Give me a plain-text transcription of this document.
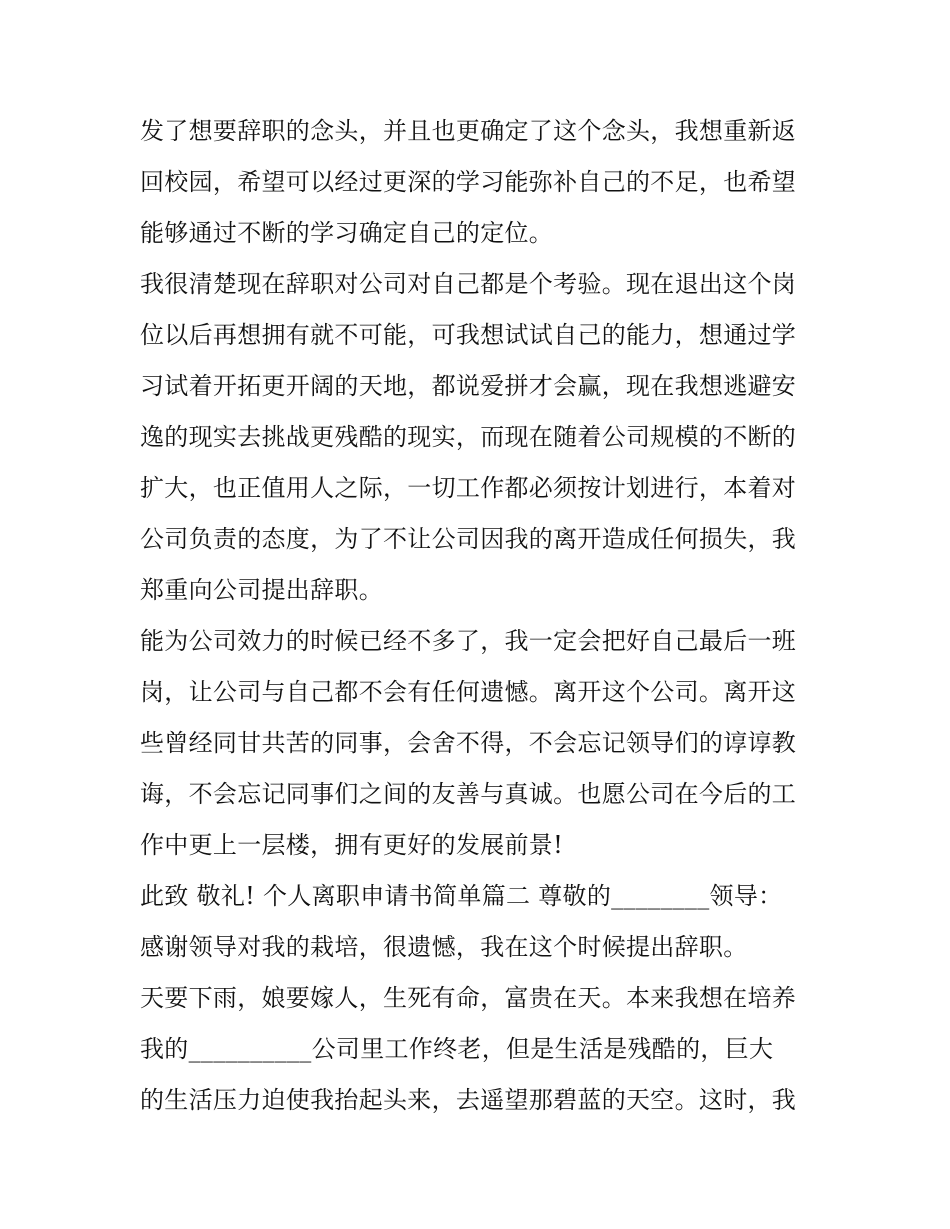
发了想要辞职的念头，并且也更确定了这个念头，我想重新返
回校园，希望可以经过更深的学习能弥补自己的不足，也希望
能够通过不断的学习确定自己的定位。
我很清楚现在辞职对公司对自己都是个考验。现在退出这个岗
位以后再想拥有就不可能，可我想试试自己的能力，想通过学
习试着开拓更开阔的天地，都说爱拼才会赢，现在我想逃避安
逸的现实去挑战更残酷的现实，而现在随着公司规模的不断的
扩大，也正值用人之际，一切工作都必须按计划进行，本着对
公司负责的态度，为了不让公司因我的离开造成任何损失，我
郑重向公司提出辞职。
能为公司效力的时候已经不多了，我一定会把好自己最后一班
岗，让公司与自己都不会有任何遗憾。离开这个公司。离开这
些曾经同甘共苦的同事，会舍不得，不会忘记领导们的谆谆教
诲，不会忘记同事们之间的友善与真诚。也愿公司在今后的工
作中更上一层楼，拥有更好的发展前景!
此致 敬礼! 个人离职申请书简单篇二 尊敬的________领导：
感谢领导对我的栽培，很遗憾，我在这个时候提出辞职。
天要下雨，娘要嫁人，生死有命，富贵在天。本来我想在培养
我的__________公司里工作终老，但是生活是残酷的，巨大
的生活压力迫使我抬起头来，去遥望那碧蓝的天空。这时，我
